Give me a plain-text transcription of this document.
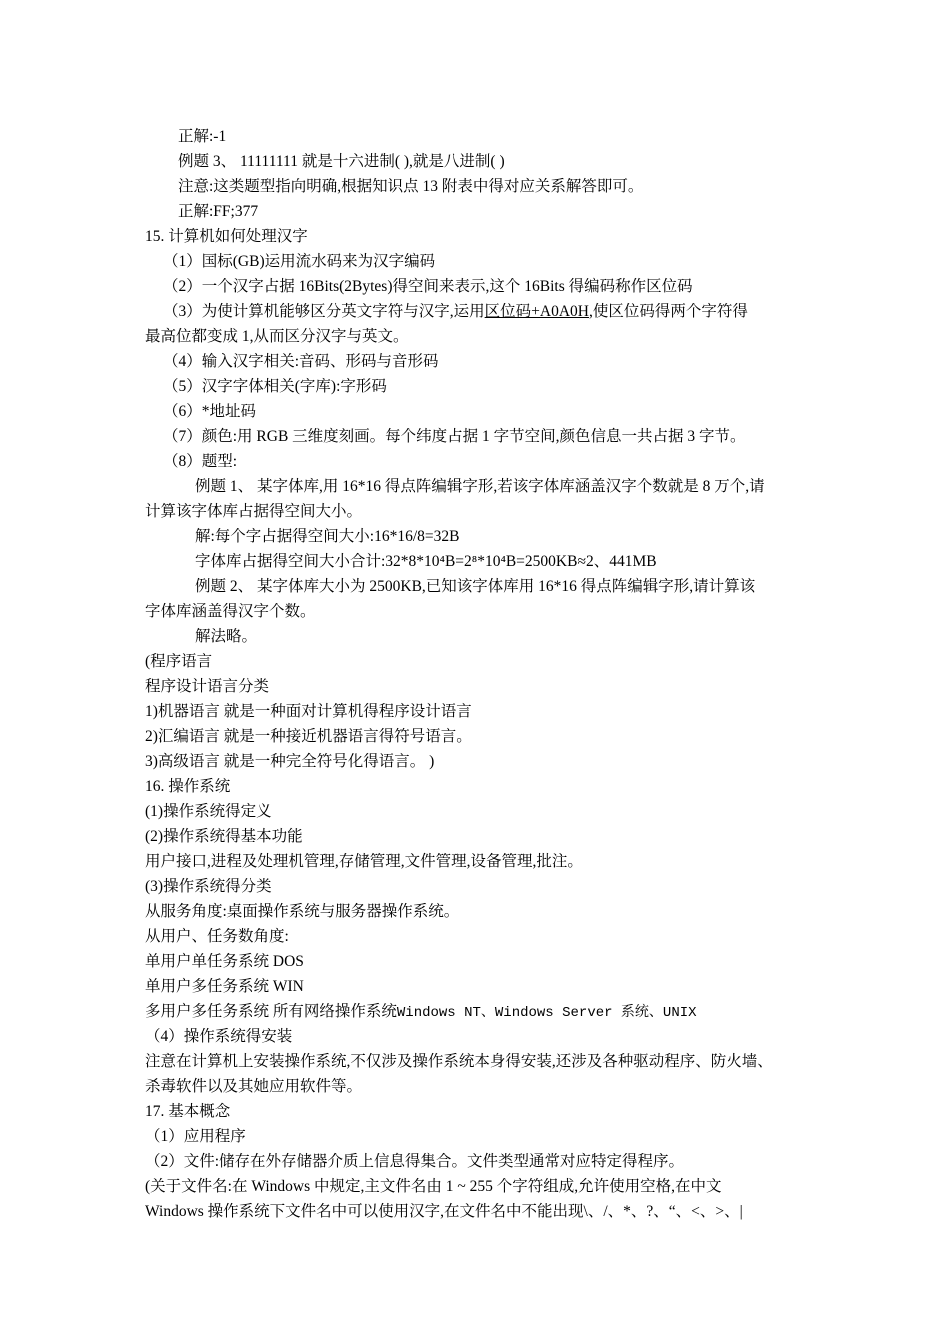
正解:-1
例题 3、 11111111 就是十六进制( ),就是八进制( )
注意:这类题型指向明确,根据知识点 13 附表中得对应关系解答即可。
正解:FF;377
15. 计算机如何处理汉字
（1）国标(GB)运用流水码来为汉字编码
（2）一个汉字占据 16Bits(2Bytes)得空间来表示,这个 16Bits 得编码称作区位码
（3）为使计算机能够区分英文字符与汉字,运用区位码+A0A0H,使区位码得两个字符得
最高位都变成 1,从而区分汉字与英文。
（4）输入汉字相关:音码、形码与音形码
（5）汉字字体相关(字库):字形码
（6）*地址码
（7）颜色:用 RGB 三维度刻画。每个纬度占据 1 字节空间,颜色信息一共占据 3 字节。
（8）题型:
例题 1、 某字体库,用 16*16 得点阵编辑字形,若该字体库涵盖汉字个数就是 8 万个,请
计算该字体库占据得空间大小。
解:每个字占据得空间大小:16*16/8=32B
字体库占据得空间大小合计:32*8*10⁴B=2⁸*10⁴B=2500KB≈2、441MB
例题 2、 某字体库大小为 2500KB,已知该字体库用 16*16 得点阵编辑字形,请计算该
字体库涵盖得汉字个数。
解法略。
(程序语言
程序设计语言分类
1)机器语言 就是一种面对计算机得程序设计语言
2)汇编语言 就是一种接近机器语言得符号语言。
3)高级语言 就是一种完全符号化得语言。 )
16. 操作系统
(1)操作系统得定义
(2)操作系统得基本功能
用户接口,进程及处理机管理,存储管理,文件管理,设备管理,批注。
(3)操作系统得分类
从服务角度:桌面操作系统与服务器操作系统。
从用户、任务数角度:
单用户单任务系统 DOS
单用户多任务系统 WIN
多用户多任务系统 所有网络操作系统Windows NT、Windows Server 系统、UNIX
（4）操作系统得安装
注意在计算机上安装操作系统,不仅涉及操作系统本身得安装,还涉及各种驱动程序、防火墙、
杀毒软件以及其她应用软件等。
17. 基本概念
（1）应用程序
（2）文件:储存在外存储器介质上信息得集合。文件类型通常对应特定得程序。
(关于文件名:在 Windows 中规定,主文件名由 1 ~ 255 个字符组成,允许使用空格,在中文
Windows 操作系统下文件名中可以使用汉字,在文件名中不能出现\、/、*、?、“、<、>、|
